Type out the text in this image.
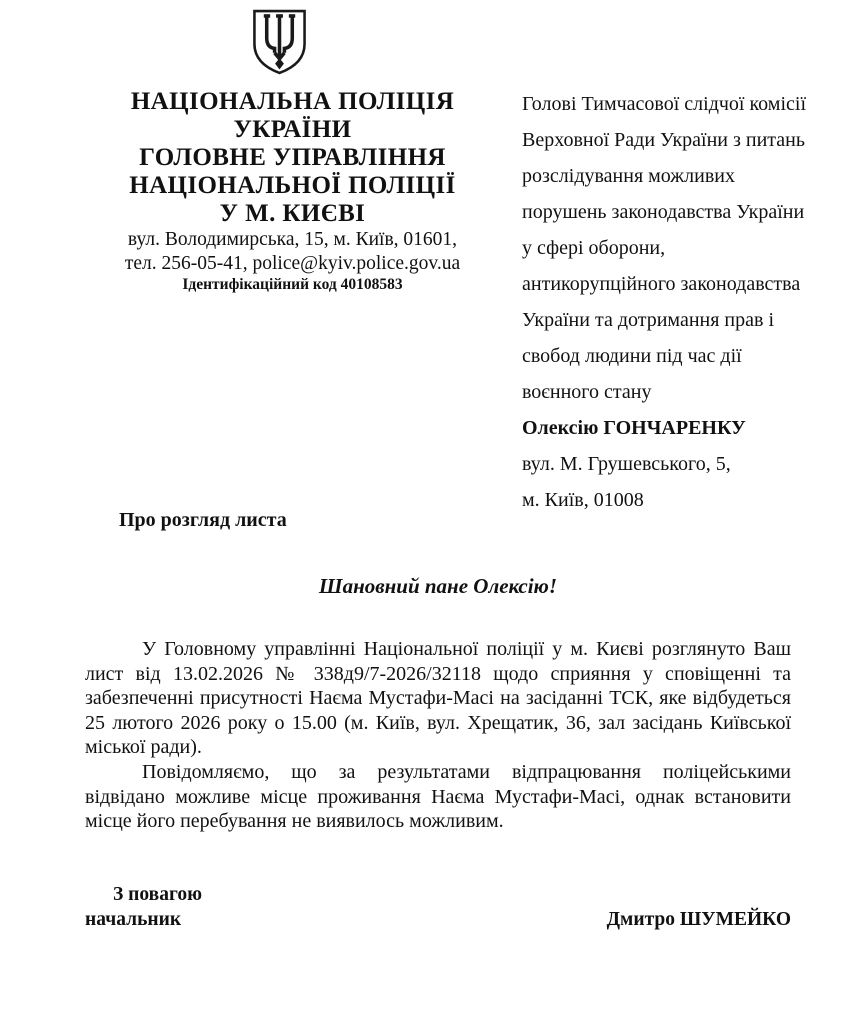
НАЦІОНАЛЬНА ПОЛІЦІЯ
УКРАЇНИ
ГОЛОВНЕ УПРАВЛІННЯ
НАЦІОНАЛЬНОЇ ПОЛІЦІЇ
У М. КИЄВІ
вул. Володимирська, 15, м. Київ, 01601,
тел. 256-05-41, police@kyiv.police.gov.ua
Ідентифікаційний код 40108583
Голові Тимчасової слідчої комісії
Верховної Ради України з питань
розслідування можливих
порушень законодавства України
у сфері оборони,
антикорупційного законодавства
України та дотримання прав і
свобод людини під час дії
воєнного стану
Олексію ГОНЧАРЕНКУ
вул. М. Грушевського, 5,
м. Київ, 01008
Про розгляд листа
Шановний пане Олексію!

У Головному управлінні Національної поліції у м. Києві розглянуто Ваш лист від 13.02.2026 № 338д9/7-2026/32118 щодо сприяння у сповіщенні та забезпеченні присутності Наєма Мустафи-Масі на засіданні ТСК, яке відбудеться 25 лютого 2026 року о 15.00 (м. Київ, вул. Хрещатик, 36, зал засідань Київської міської ради).

Повідомляємо, що за результатами відпрацювання поліцейськими відвідано можливе місце проживання Наєма Мустафи-Масі, однак встановити місце його перебування не виявилось можливим.

З повагою
начальник	Дмитро ШУМЕЙКО
